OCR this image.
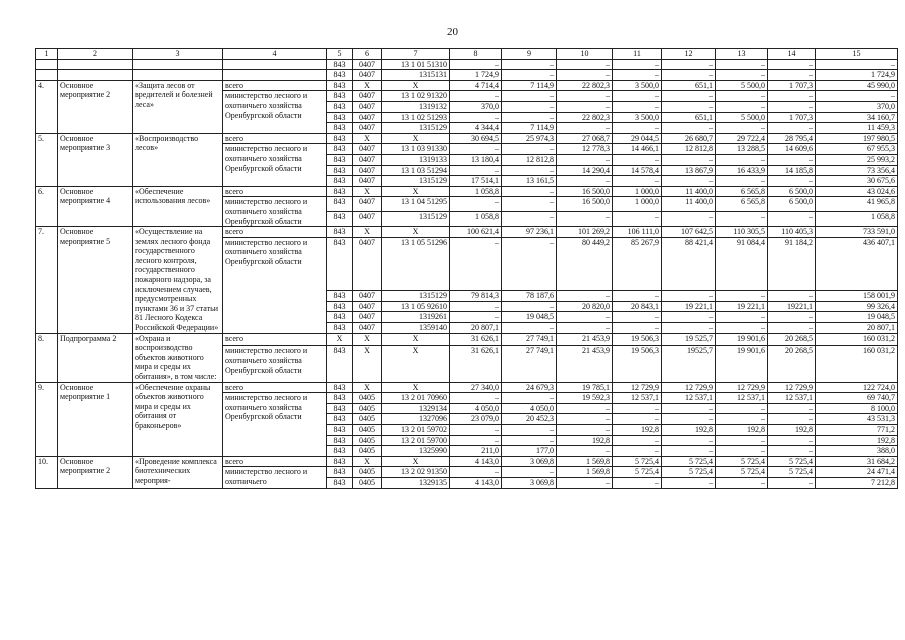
20
1	2	3	4	5	6	7	8	9	10	11	12	13	14	15
				843	0407	13 1 01 51310	–	–	–	–	–	–	–	–
				843	0407	1315131	1 724,9	–	–	–	–	–	–	1 724,9
4.	Основное мероприятие 2	«Защита лесов от вредителей и болезней леса»	всего	843	X	X	4 714,4	7 114,9	22 802,3	3 500,0	651,1	5 500,0	1 707,3	45 990,0
			министерство лесного и охотничьего хозяйства Оренбургской области	843	0407	13 1 02 91320	–	–	–	–	–	–	–	–
				843	0407	1319132	370,0	–	–	–	–	–	–	370,0
				843	0407	13 1 02 51293	–	–	22 802,3	3 500,0	651,1	5 500,0	1 707,3	34 160,7
				843	0407	1315129	4 344,4	7 114,9	–	–	–	–	–	11 459,3
5.	Основное мероприятие 3	«Воспроизводство лесов»	всего	843	X	X	30 694,5	25 974,3	27 068,7	29 044,5	26 680,7	29 722,4	28 795,4	197 980,5
			министерство лесного и охотничьего хозяйства Оренбургской области	843	0407	13 1 03 91330	–	–	12 778,3	14 466,1	12 812,8	13 288,5	14 609,6	67 955,3
				843	0407	1319133	13 180,4	12 812,8	–	–	–	–	–	25 993,2
				843	0407	13 1 03 51294	–	–	14 290,4	14 578,4	13 867,9	16 433,9	14 185,8	73 356,4
				843	0407	1315129	17 514,1	13 161,5	–	–	–	–	–	30 675,6
6.	Основное мероприятие 4	«Обеспечение использования лесов»	всего	843	X	X	1 058,8	–	16 500,0	1 000,0	11 400,0	6 565,8	6 500,0	43 024,6
			министерство лесного и охотничьего хозяйства Оренбургской области	843	0407	13 1 04 51295	–	–	16 500,0	1 000,0	11 400,0	6 565,8	6 500,0	41 965,8
				843	0407	1315129	1 058,8	–	–	–	–	–	–	1 058,8
7.	Основное мероприятие 5	«Осуществление на землях лесного фонда государственного лесного контроля, государственного пожарного надзора, за исключением случаев, предусмотренных пунктами 36 и 37 статьи 81 Лесного Кодекса Российской Федерации»	всего	843	X	X	100 621,4	97 236,1	101 269,2	106 111,0	107 642,5	110 305,5	110 405,3	733 591,0
			министерство лесного и охотничьего хозяйства Оренбургской области	843	0407	13 1 05 51296	–	–	80 449,2	85 267,9	88 421,4	91 084,4	91 184,2	436 407,1
				843	0407	1315129	79 814,3	78 187,6	–	–	–	–	–	158 001,9
				843	0407	13 1 05 92610	–	–	20 820,0	20 843,1	19 221,1	19 221,1	19221,1	99 326,4
				843	0407	1319261	–	19 048,5	–	–	–	–	–	19 048,5
				843	0407	1359140	20 807,1	–	–	–	–	–	–	20 807,1
8.	Подпрограмма 2	«Охрана и воспроизводство объектов животного мира и среды их обитания», в том числе:	всего	X	X	X	31 626,1	27 749,1	21 453,9	19 506,3	19 525,7	19 901,6	20 268,5	160 031,2
			министерство лесного и охотничьего хозяйства Оренбургской области	843	X	X	31 626,1	27 749,1	21 453,9	19 506,3	19525,7	19 901,6	20 268,5	160 031,2
9.	Основное мероприятие 1	«Обеспечение охраны объектов животного мира и среды их обитания от браконьеров»	всего	843	X	X	27 340,0	24 679,3	19 785,1	12 729,9	12 729,9	12 729,9	12 729,9	122 724,0
			министерство лесного и охотничьего хозяйства Оренбургской области	843	0405	13 2 01 70960	–	–	19 592,3	12 537,1	12 537,1	12 537,1	12 537,1	69 740,7
				843	0405	1329134	4 050,0	4 050,0	–	–	–	–	–	8 100,0
				843	0405	1327096	23 079,0	20 452,3	–	–	–	–	–	43 531,3
				843	0405	13 2 01 59702	–	–	–	192,8	192,8	192,8	192,8	771,2
				843	0405	13 2 01 59700	–	–	192,8	–	–	–	–	192,8
				843	0405	1325990	211,0	177,0	–	–	–	–	–	388,0
10.	Основное мероприятие 2	«Проведение комплекса биотехнических мероприя-	всего	843	X	X	4 143,0	3 069,8	1 569,8	5 725,4	5 725,4	5 725,4	5 725,4	31 684,2
			министерство лесного и охотничьего	843	0405	13 2 02 91350	–	–	1 569,8	5 725,4	5 725,4	5 725,4	5 725,4	24 471,4
				843	0405	1329135	4 143,0	3 069,8	–	–	–	–	–	7 212,8
